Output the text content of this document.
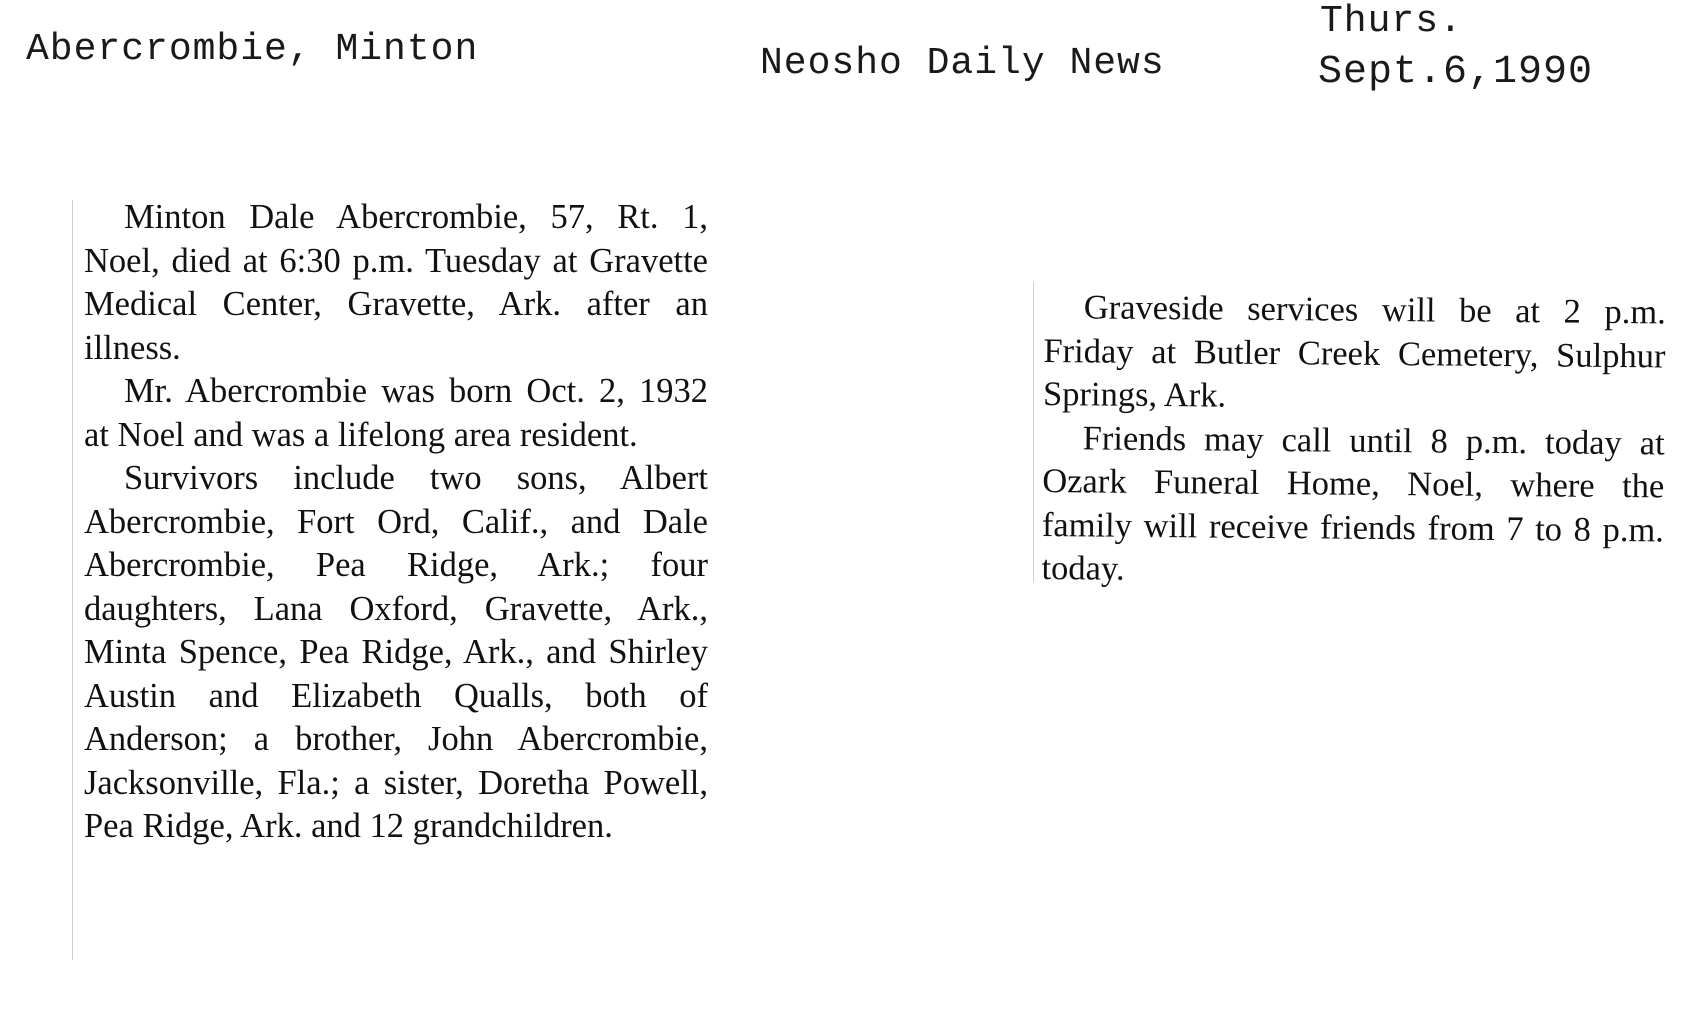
Abercrombie, Minton	Neosho Daily News
Thurs.
Sept.6,1990

Minton Dale Abercrombie, 57, Rt. 1, Noel, died at 6:30 p.m. Tuesday at Gravette Medical Center, Gravette, Ark. after an illness.

Mr. Abercrombie was born Oct. 2, 1932 at Noel and was a lifelong area resident.

Survivors include two sons, Albert Abercrombie, Fort Ord, Calif., and Dale Abercrombie, Pea Ridge, Ark.; four daughters, Lana Oxford, Gravette, Ark., Minta Spence, Pea Ridge, Ark., and Shirley Austin and Elizabeth Qualls, both of Anderson; a brother, John Abercrombie, Jacksonville, Fla.; a sister, Doretha Powell, Pea Ridge, Ark. and 12 grandchildren.

Graveside services will be at 2 p.m. Friday at Butler Creek Cemetery, Sulphur Springs, Ark.

Friends may call until 8 p.m. today at Ozark Funeral Home, Noel, where the family will receive friends from 7 to 8 p.m. today.
